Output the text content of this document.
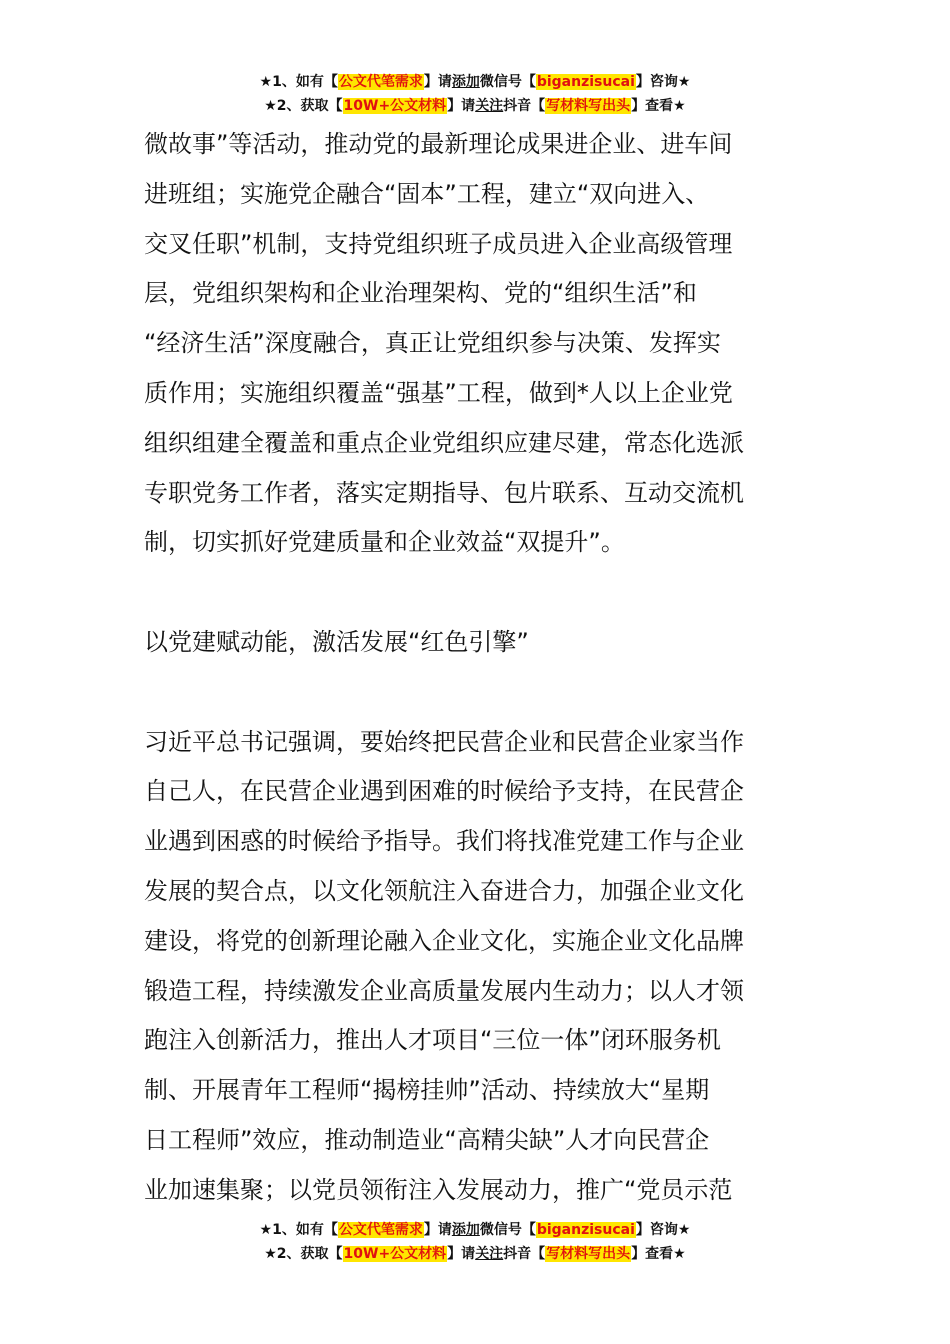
★1、如有【公文代笔需求】请添加微信号【biganzisucai】咨询★
★2、获取【10W+公文材料】请关注抖音【写材料写出头】查看★
微故事”等活动，推动党的最新理论成果进企业、进车间
进班组；实施党企融合“固本”工程，建立“双向进入、
交叉任职”机制，支持党组织班子成员进入企业高级管理
层，党组织架构和企业治理架构、党的“组织生活”和
“经济生活”深度融合，真正让党组织参与决策、发挥实
质作用；实施组织覆盖“强基”工程，做到*人以上企业党
组织组建全覆盖和重点企业党组织应建尽建，常态化选派
专职党务工作者，落实定期指导、包片联系、互动交流机
制，切实抓好党建质量和企业效益“双提升”。
以党建赋动能，激活发展“红色引擎”
习近平总书记强调，要始终把民营企业和民营企业家当作
自己人，在民营企业遇到困难的时候给予支持，在民营企
业遇到困惑的时候给予指导。我们将找准党建工作与企业
发展的契合点，以文化领航注入奋进合力，加强企业文化
建设，将党的创新理论融入企业文化，实施企业文化品牌
锻造工程，持续激发企业高质量发展内生动力；以人才领
跑注入创新活力，推出人才项目“三位一体”闭环服务机
制、开展青年工程师“揭榜挂帅”活动、持续放大“星期
日工程师”效应，推动制造业“高精尖缺”人才向民营企
业加速集聚；以党员领衔注入发展动力，推广“党员示范
★1、如有【公文代笔需求】请添加微信号【biganzisucai】咨询★
★2、获取【10W+公文材料】请关注抖音【写材料写出头】查看★
